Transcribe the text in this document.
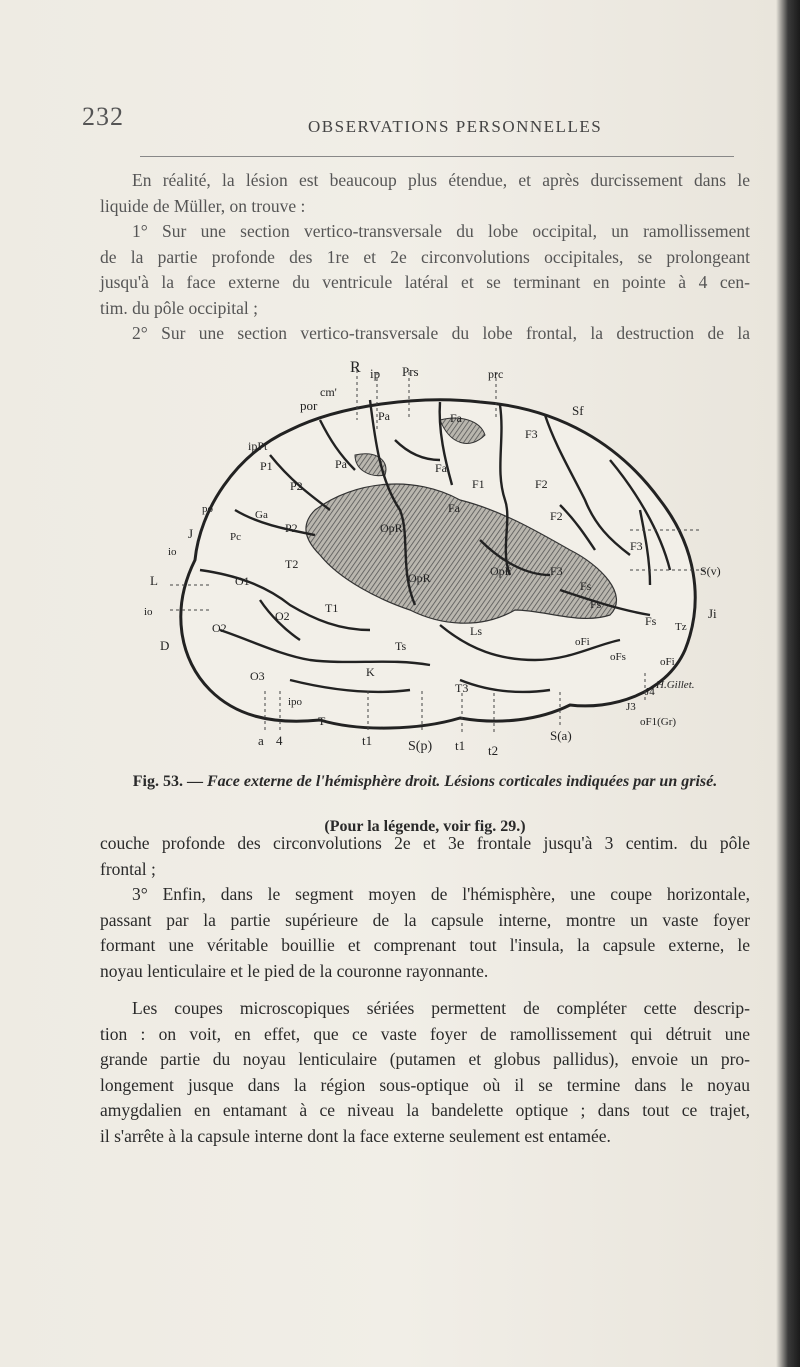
232	OBSERVATIONS PERSONNELLES
En réalité, la lésion est beaucoup plus étendue, et après durcissement dans le
liquide de Müller, on trouve :
1° Sur une section vertico-transversale du lobe occipital, un ramollissement
de la partie profonde des 1re et 2e circonvolutions occipitales, se prolongeant
jusqu'à la face externe du ventricule latéral et se terminant en pointe à 4 cen-
tim. du pôle occipital ;
2° Sur une section vertico-transversale du lobe frontal, la destruction de la
R ip Prs	prc
cm'
por
Pa	Fa
F3
Sf
ipPt
po
J
io
L
io
D
Pa	Fa
F1	F2
P2
P1
Ga
Pc
P2	OpR
OpR
Fa
F2
F3
F3
O1
O2
O3
T1
T2
T3
O2
Ts
K
Ls
OpF
Fs
Fs
Fs
oFi
oFs	oFi
Tz
S(v)
Ji
H.Gillet.
a 4
ipo
T
t1	S(p) t1 t2
S(a)
J3
J4
oF1(Gr)
Fig. 53. — Face externe de l'hémisphère droit. Lésions corticales indiquées par un grisé.
(Pour la légende, voir fig. 29.)
couche profonde des circonvolutions 2e et 3e frontale jusqu'à 3 centim. du pôle
frontal ;
3° Enfin, dans le segment moyen de l'hémisphère, une coupe horizontale,
passant par la partie supérieure de la capsule interne, montre un vaste foyer
formant une véritable bouillie et comprenant tout l'insula, la capsule externe, le
noyau lenticulaire et le pied de la couronne rayonnante.
Les coupes microscopiques sériées permettent de compléter cette descrip-
tion : on voit, en effet, que ce vaste foyer de ramollissement qui détruit une
grande partie du noyau lenticulaire (putamen et globus pallidus), envoie un pro-
longement jusque dans la région sous-optique où il se termine dans le noyau
amygdalien en entamant à ce niveau la bandelette optique ; dans tout ce trajet,
il s'arrête à la capsule interne dont la face externe seulement est entamée.
